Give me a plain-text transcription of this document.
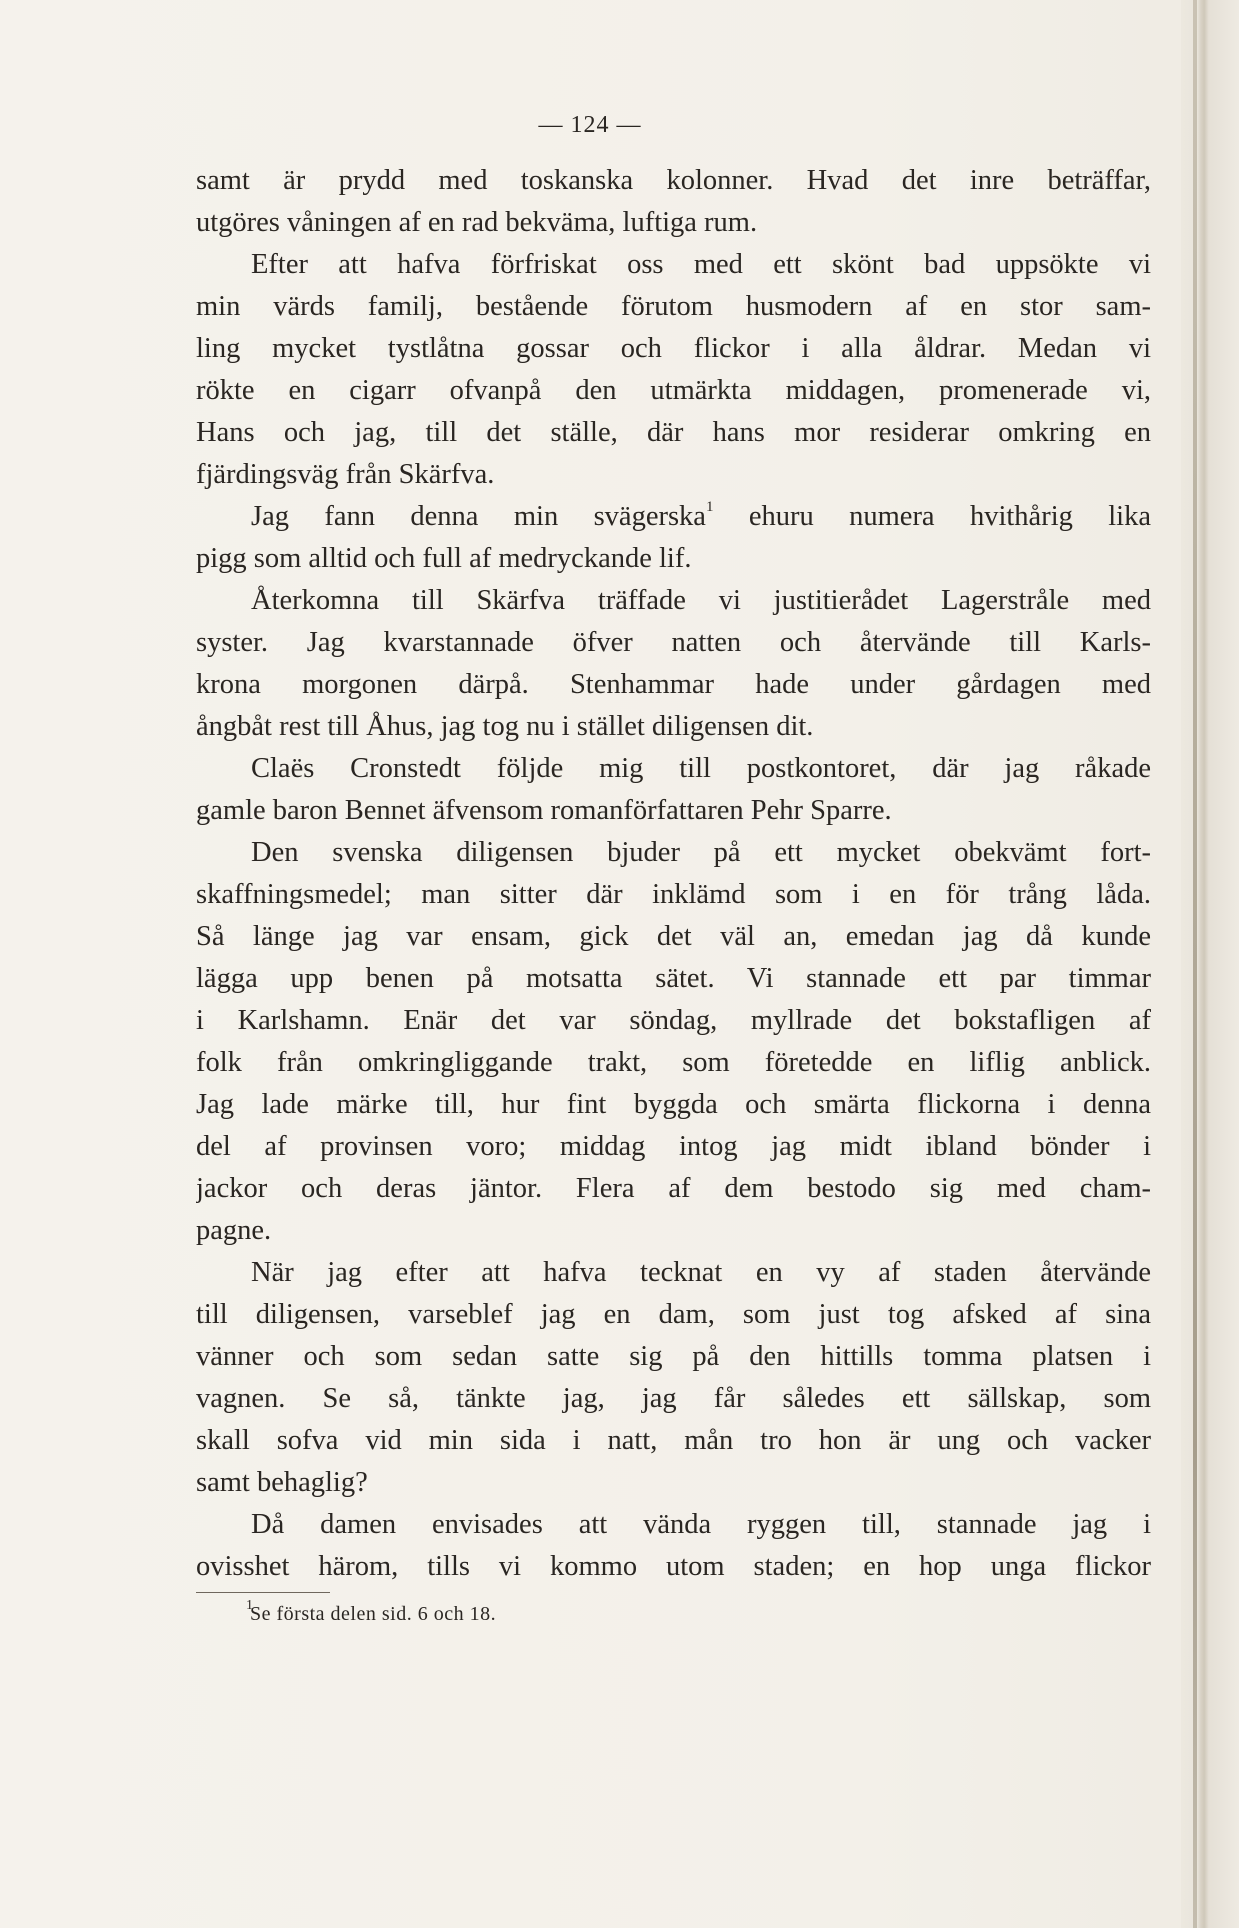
— 124 —
samt är prydd med toskanska kolonner. Hvad det inre beträffar,
utgöres våningen af en rad bekväma, luftiga rum.
Efter att hafva förfriskat oss med ett skönt bad uppsökte vi
min värds familj, bestående förutom husmodern af en stor sam-
ling mycket tystlåtna gossar och flickor i alla åldrar. Medan vi
rökte en cigarr ofvanpå den utmärkta middagen, promenerade vi,
Hans och jag, till det ställe, där hans mor residerar omkring en
fjärdingsväg från Skärfva.
Jag fann denna min svägerska$^1$ ehuru numera hvithårig lika
pigg som alltid och full af medryckande lif.
Återkomna till Skärfva träffade vi justitierådet Lagerstråle med
syster. Jag kvarstannade öfver natten och återvände till Karls-
krona morgonen därpå. Stenhammar hade under gårdagen med
ångbåt rest till Åhus, jag tog nu i stället diligensen dit.
Claës Cronstedt följde mig till postkontoret, där jag råkade
gamle baron Bennet äfvensom romanförfattaren Pehr Sparre.
Den svenska diligensen bjuder på ett mycket obekvämt fort-
skaffningsmedel; man sitter där inklämd som i en för trång låda.
Så länge jag var ensam, gick det väl an, emedan jag då kunde
lägga upp benen på motsatta sätet. Vi stannade ett par timmar
i Karlshamn. Enär det var söndag, myllrade det bokstafligen af
folk från omkringliggande trakt, som företedde en liflig anblick.
Jag lade märke till, hur fint byggda och smärta flickorna i denna
del af provinsen voro; middag intog jag midt ibland bönder i
jackor och deras jäntor. Flera af dem bestodo sig med cham-
pagne.
När jag efter att hafva tecknat en vy af staden återvände
till diligensen, varseblef jag en dam, som just tog afsked af sina
vänner och som sedan satte sig på den hittills tomma platsen i
vagnen. Se så, tänkte jag, jag får således ett sällskap, som
skall sofva vid min sida i natt, mån tro hon är ung och vacker
samt behaglig?
Då damen envisades att vända ryggen till, stannade jag i
ovisshet härom, tills vi kommo utom staden; en hop unga flickor
1
Se första delen sid. 6 och 18.
